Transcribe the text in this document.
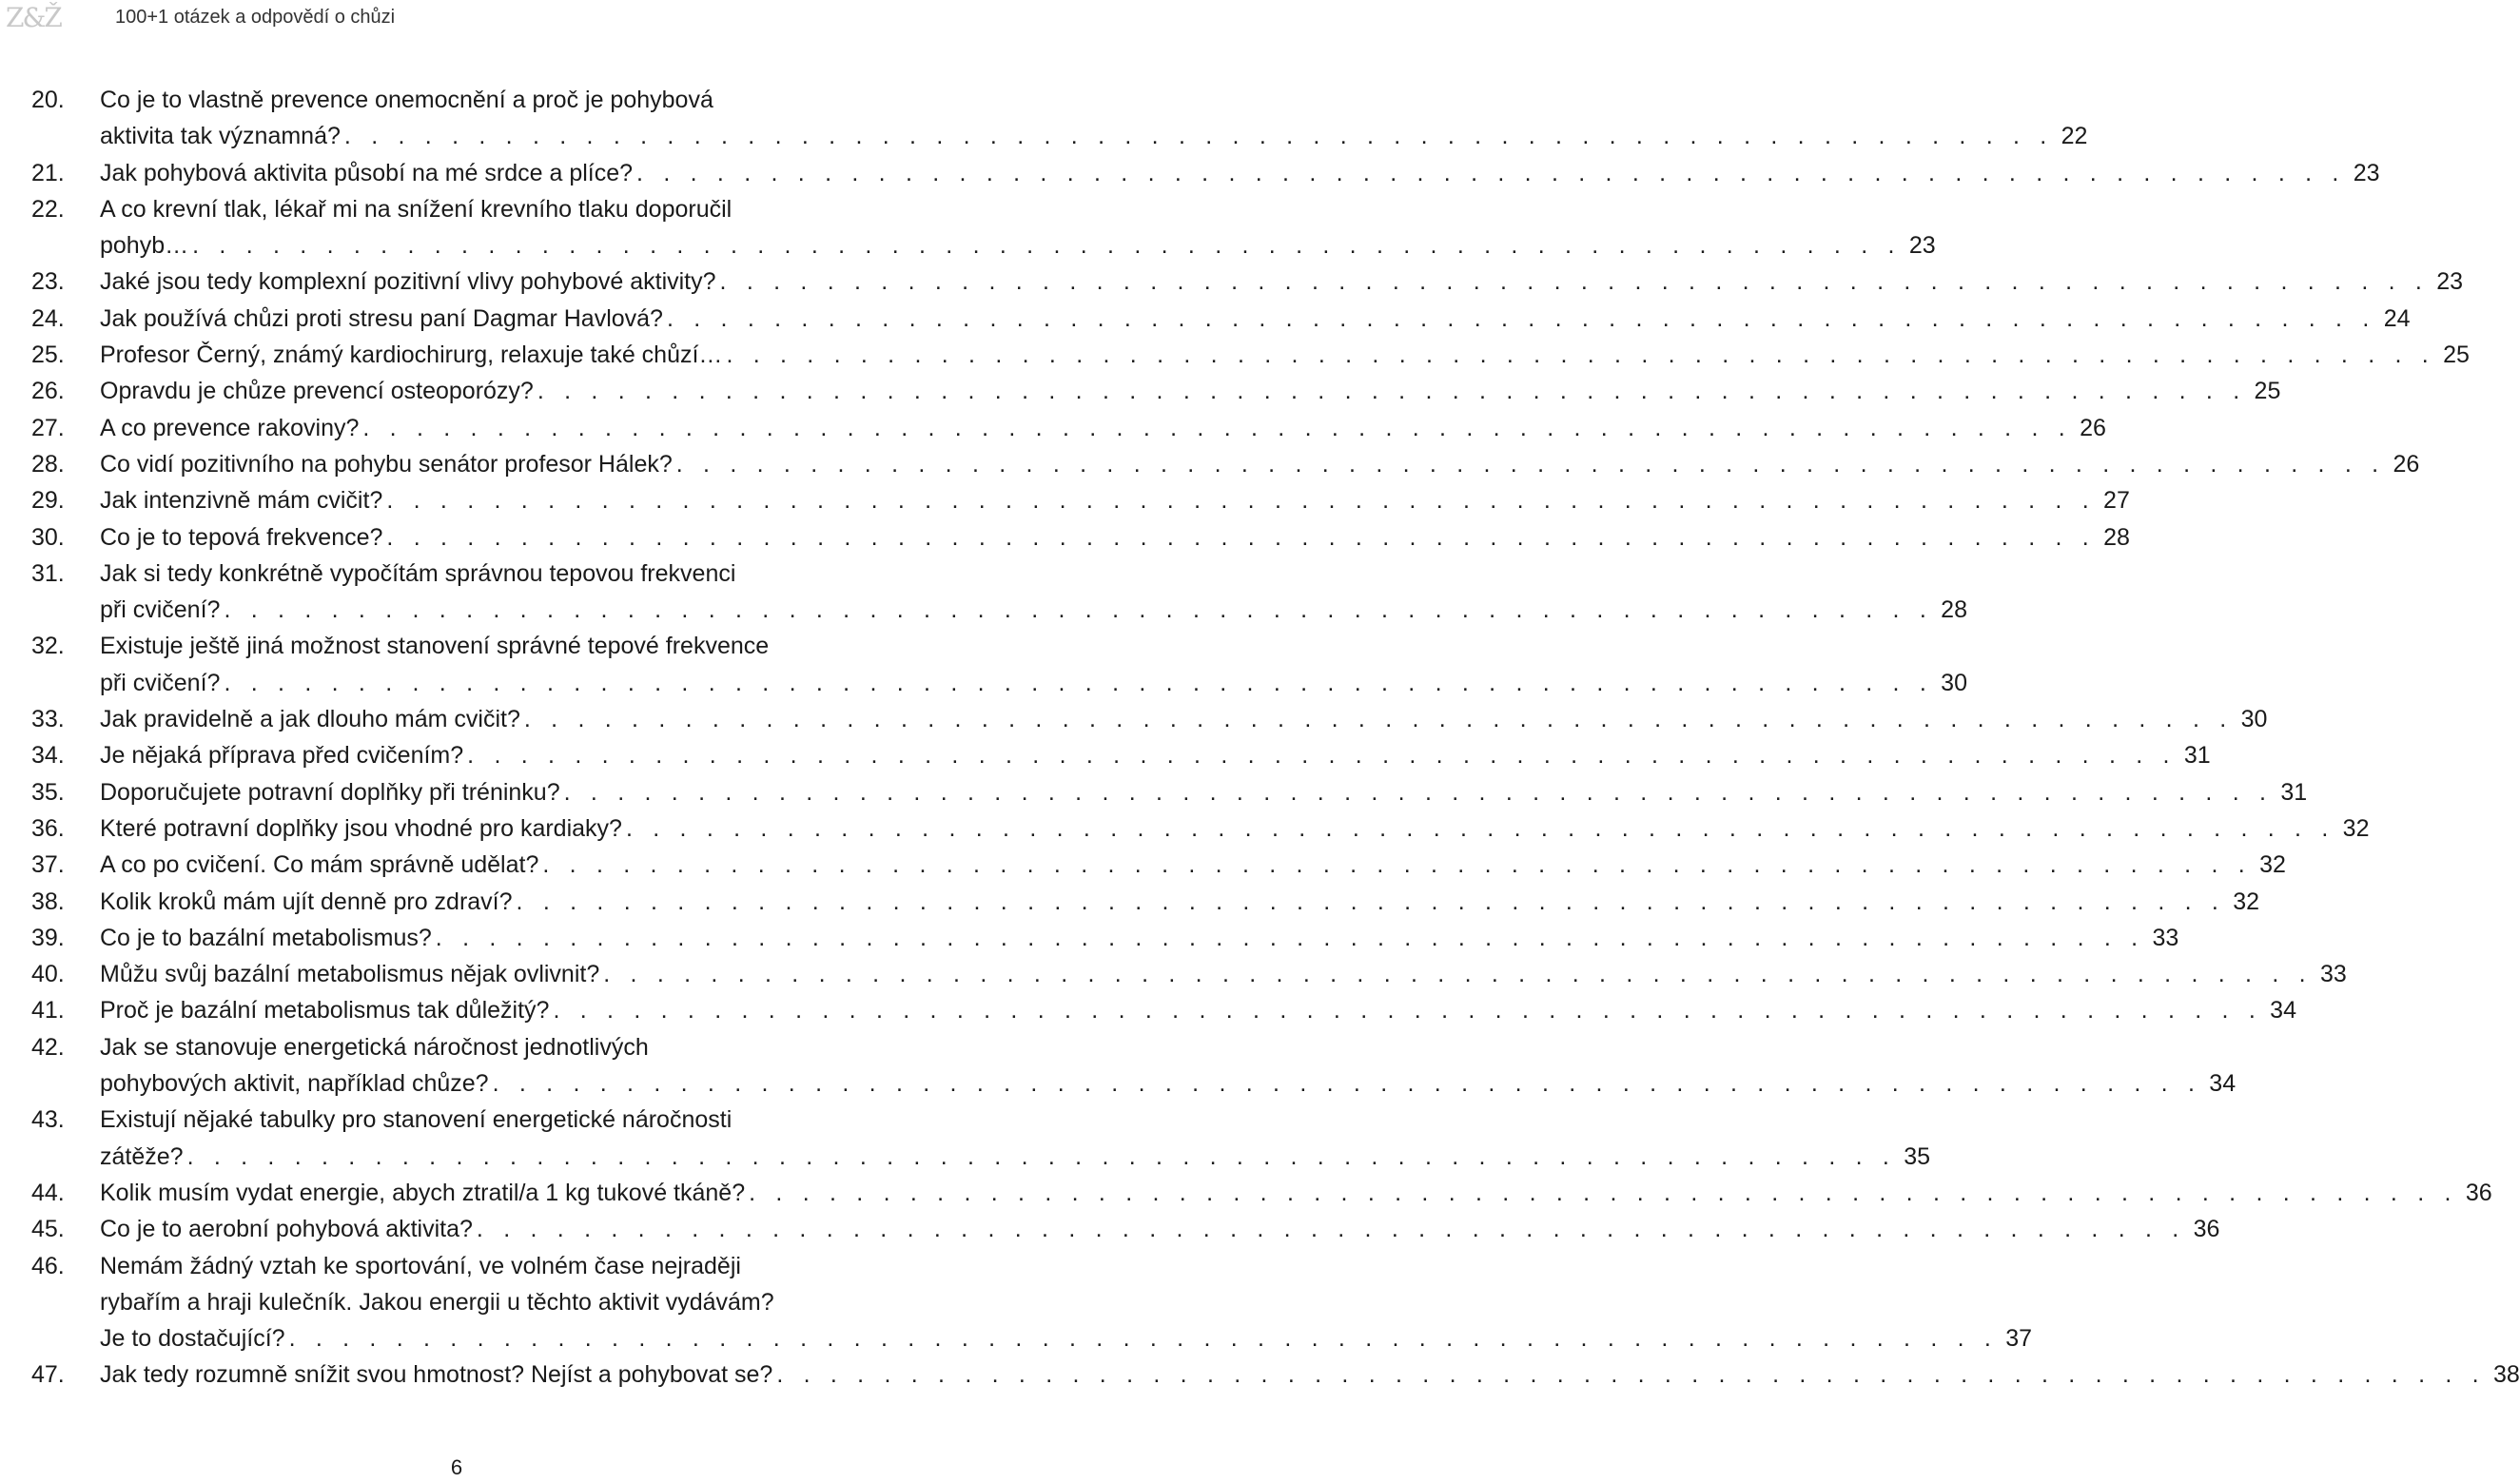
Z&Ž	100+1 otázek a odpovědí o chůzi
20. Co je to vlastně prevence onemocnění a proč je pohybová
aktivita tak významná? . . . . . . . . . . . . . . . . . . . . . . . . . . . . . . . . . . . . . . . . . . . . . . . . . . . . . . . . . . . . . . . . 22
21. Jak pohybová aktivita působí na mé srdce a plíce? . . . . . . . . . . . . . . . . . . . . . . . . . . . . . . . . . . . . . . . . . . . . . . . . . . . . . . . . . . . . . . . . 23
22. A co krevní tlak, lékař mi na snížení krevního tlaku doporučil
pohyb… . . . . . . . . . . . . . . . . . . . . . . . . . . . . . . . . . . . . . . . . . . . . . . . . . . . . . . . . . . . . . . . . 23
23. Jaké jsou tedy komplexní pozitivní vlivy pohybové aktivity? . . . . . . . . . . . . . . . . . . . . . . . . . . . . . . . . . . . . . . . . . . . . . . . . . . . . . . . . . . . . . . . . 23
24. Jak používá chůzi proti stresu paní Dagmar Havlová? . . . . . . . . . . . . . . . . . . . . . . . . . . . . . . . . . . . . . . . . . . . . . . . . . . . . . . . . . . . . . . . . 24
25. Profesor Černý, známý kardiochirurg, relaxuje také chůzí… . . . . . . . . . . . . . . . . . . . . . . . . . . . . . . . . . . . . . . . . . . . . . . . . . . . . . . . . . . . . . . . . 25
26. Opravdu je chůze prevencí osteoporózy? . . . . . . . . . . . . . . . . . . . . . . . . . . . . . . . . . . . . . . . . . . . . . . . . . . . . . . . . . . . . . . . . 25
27. A co prevence rakoviny? . . . . . . . . . . . . . . . . . . . . . . . . . . . . . . . . . . . . . . . . . . . . . . . . . . . . . . . . . . . . . . . . 26
28. Co vidí pozitivního na pohybu senátor profesor Hálek? . . . . . . . . . . . . . . . . . . . . . . . . . . . . . . . . . . . . . . . . . . . . . . . . . . . . . . . . . . . . . . . . 26
29. Jak intenzivně mám cvičit? . . . . . . . . . . . . . . . . . . . . . . . . . . . . . . . . . . . . . . . . . . . . . . . . . . . . . . . . . . . . . . . . 27
30. Co je to tepová frekvence? . . . . . . . . . . . . . . . . . . . . . . . . . . . . . . . . . . . . . . . . . . . . . . . . . . . . . . . . . . . . . . . . 28
31. Jak si tedy konkrétně vypočítám správnou tepovou frekvenci
při cvičení? . . . . . . . . . . . . . . . . . . . . . . . . . . . . . . . . . . . . . . . . . . . . . . . . . . . . . . . . . . . . . . . . 28
32. Existuje ještě jiná možnost stanovení správné tepové frekvence
při cvičení? . . . . . . . . . . . . . . . . . . . . . . . . . . . . . . . . . . . . . . . . . . . . . . . . . . . . . . . . . . . . . . . . 30
33. Jak pravidelně a jak dlouho mám cvičit? . . . . . . . . . . . . . . . . . . . . . . . . . . . . . . . . . . . . . . . . . . . . . . . . . . . . . . . . . . . . . . . . 30
34. Je nějaká příprava před cvičením? . . . . . . . . . . . . . . . . . . . . . . . . . . . . . . . . . . . . . . . . . . . . . . . . . . . . . . . . . . . . . . . . 31
35. Doporučujete potravní doplňky při tréninku? . . . . . . . . . . . . . . . . . . . . . . . . . . . . . . . . . . . . . . . . . . . . . . . . . . . . . . . . . . . . . . . . 31
36. Které potravní doplňky jsou vhodné pro kardiaky? . . . . . . . . . . . . . . . . . . . . . . . . . . . . . . . . . . . . . . . . . . . . . . . . . . . . . . . . . . . . . . . . 32
37. A co po cvičení. Co mám správně udělat? . . . . . . . . . . . . . . . . . . . . . . . . . . . . . . . . . . . . . . . . . . . . . . . . . . . . . . . . . . . . . . . . 32
38. Kolik kroků mám ujít denně pro zdraví? . . . . . . . . . . . . . . . . . . . . . . . . . . . . . . . . . . . . . . . . . . . . . . . . . . . . . . . . . . . . . . . . 32
39. Co je to bazální metabolismus? . . . . . . . . . . . . . . . . . . . . . . . . . . . . . . . . . . . . . . . . . . . . . . . . . . . . . . . . . . . . . . . . 33
40. Můžu svůj bazální metabolismus nějak ovlivnit? . . . . . . . . . . . . . . . . . . . . . . . . . . . . . . . . . . . . . . . . . . . . . . . . . . . . . . . . . . . . . . . . 33
41. Proč je bazální metabolismus tak důležitý? . . . . . . . . . . . . . . . . . . . . . . . . . . . . . . . . . . . . . . . . . . . . . . . . . . . . . . . . . . . . . . . . 34
42. Jak se stanovuje energetická náročnost jednotlivých
pohybových aktivit, například chůze? . . . . . . . . . . . . . . . . . . . . . . . . . . . . . . . . . . . . . . . . . . . . . . . . . . . . . . . . . . . . . . . . 34
43. Existují nějaké tabulky pro stanovení energetické náročnosti
zátěže? . . . . . . . . . . . . . . . . . . . . . . . . . . . . . . . . . . . . . . . . . . . . . . . . . . . . . . . . . . . . . . . . 35
44. Kolik musím vydat energie, abych ztratil/a 1 kg tukové tkáně? . . . . . . . . . . . . . . . . . . . . . . . . . . . . . . . . . . . . . . . . . . . . . . . . . . . . . . . . . . . . . . . . 36
45. Co je to aerobní pohybová aktivita? . . . . . . . . . . . . . . . . . . . . . . . . . . . . . . . . . . . . . . . . . . . . . . . . . . . . . . . . . . . . . . . . 36
46. Nemám žádný vztah ke sportování, ve volném čase nejraději
rybařím a hraji kulečník. Jakou energii u těchto aktivit vydávám?
Je to dostačující? . . . . . . . . . . . . . . . . . . . . . . . . . . . . . . . . . . . . . . . . . . . . . . . . . . . . . . . . . . . . . . . . 37
47. Jak tedy rozumně snížit svou hmotnost? Nejíst a pohybovat se? . . . . . . . . . . . . . . . . . . . . . . . . . . . . . . . . . . . . . . . . . . . . . . . . . . . . . . . . . . . . . . . . 38
6
